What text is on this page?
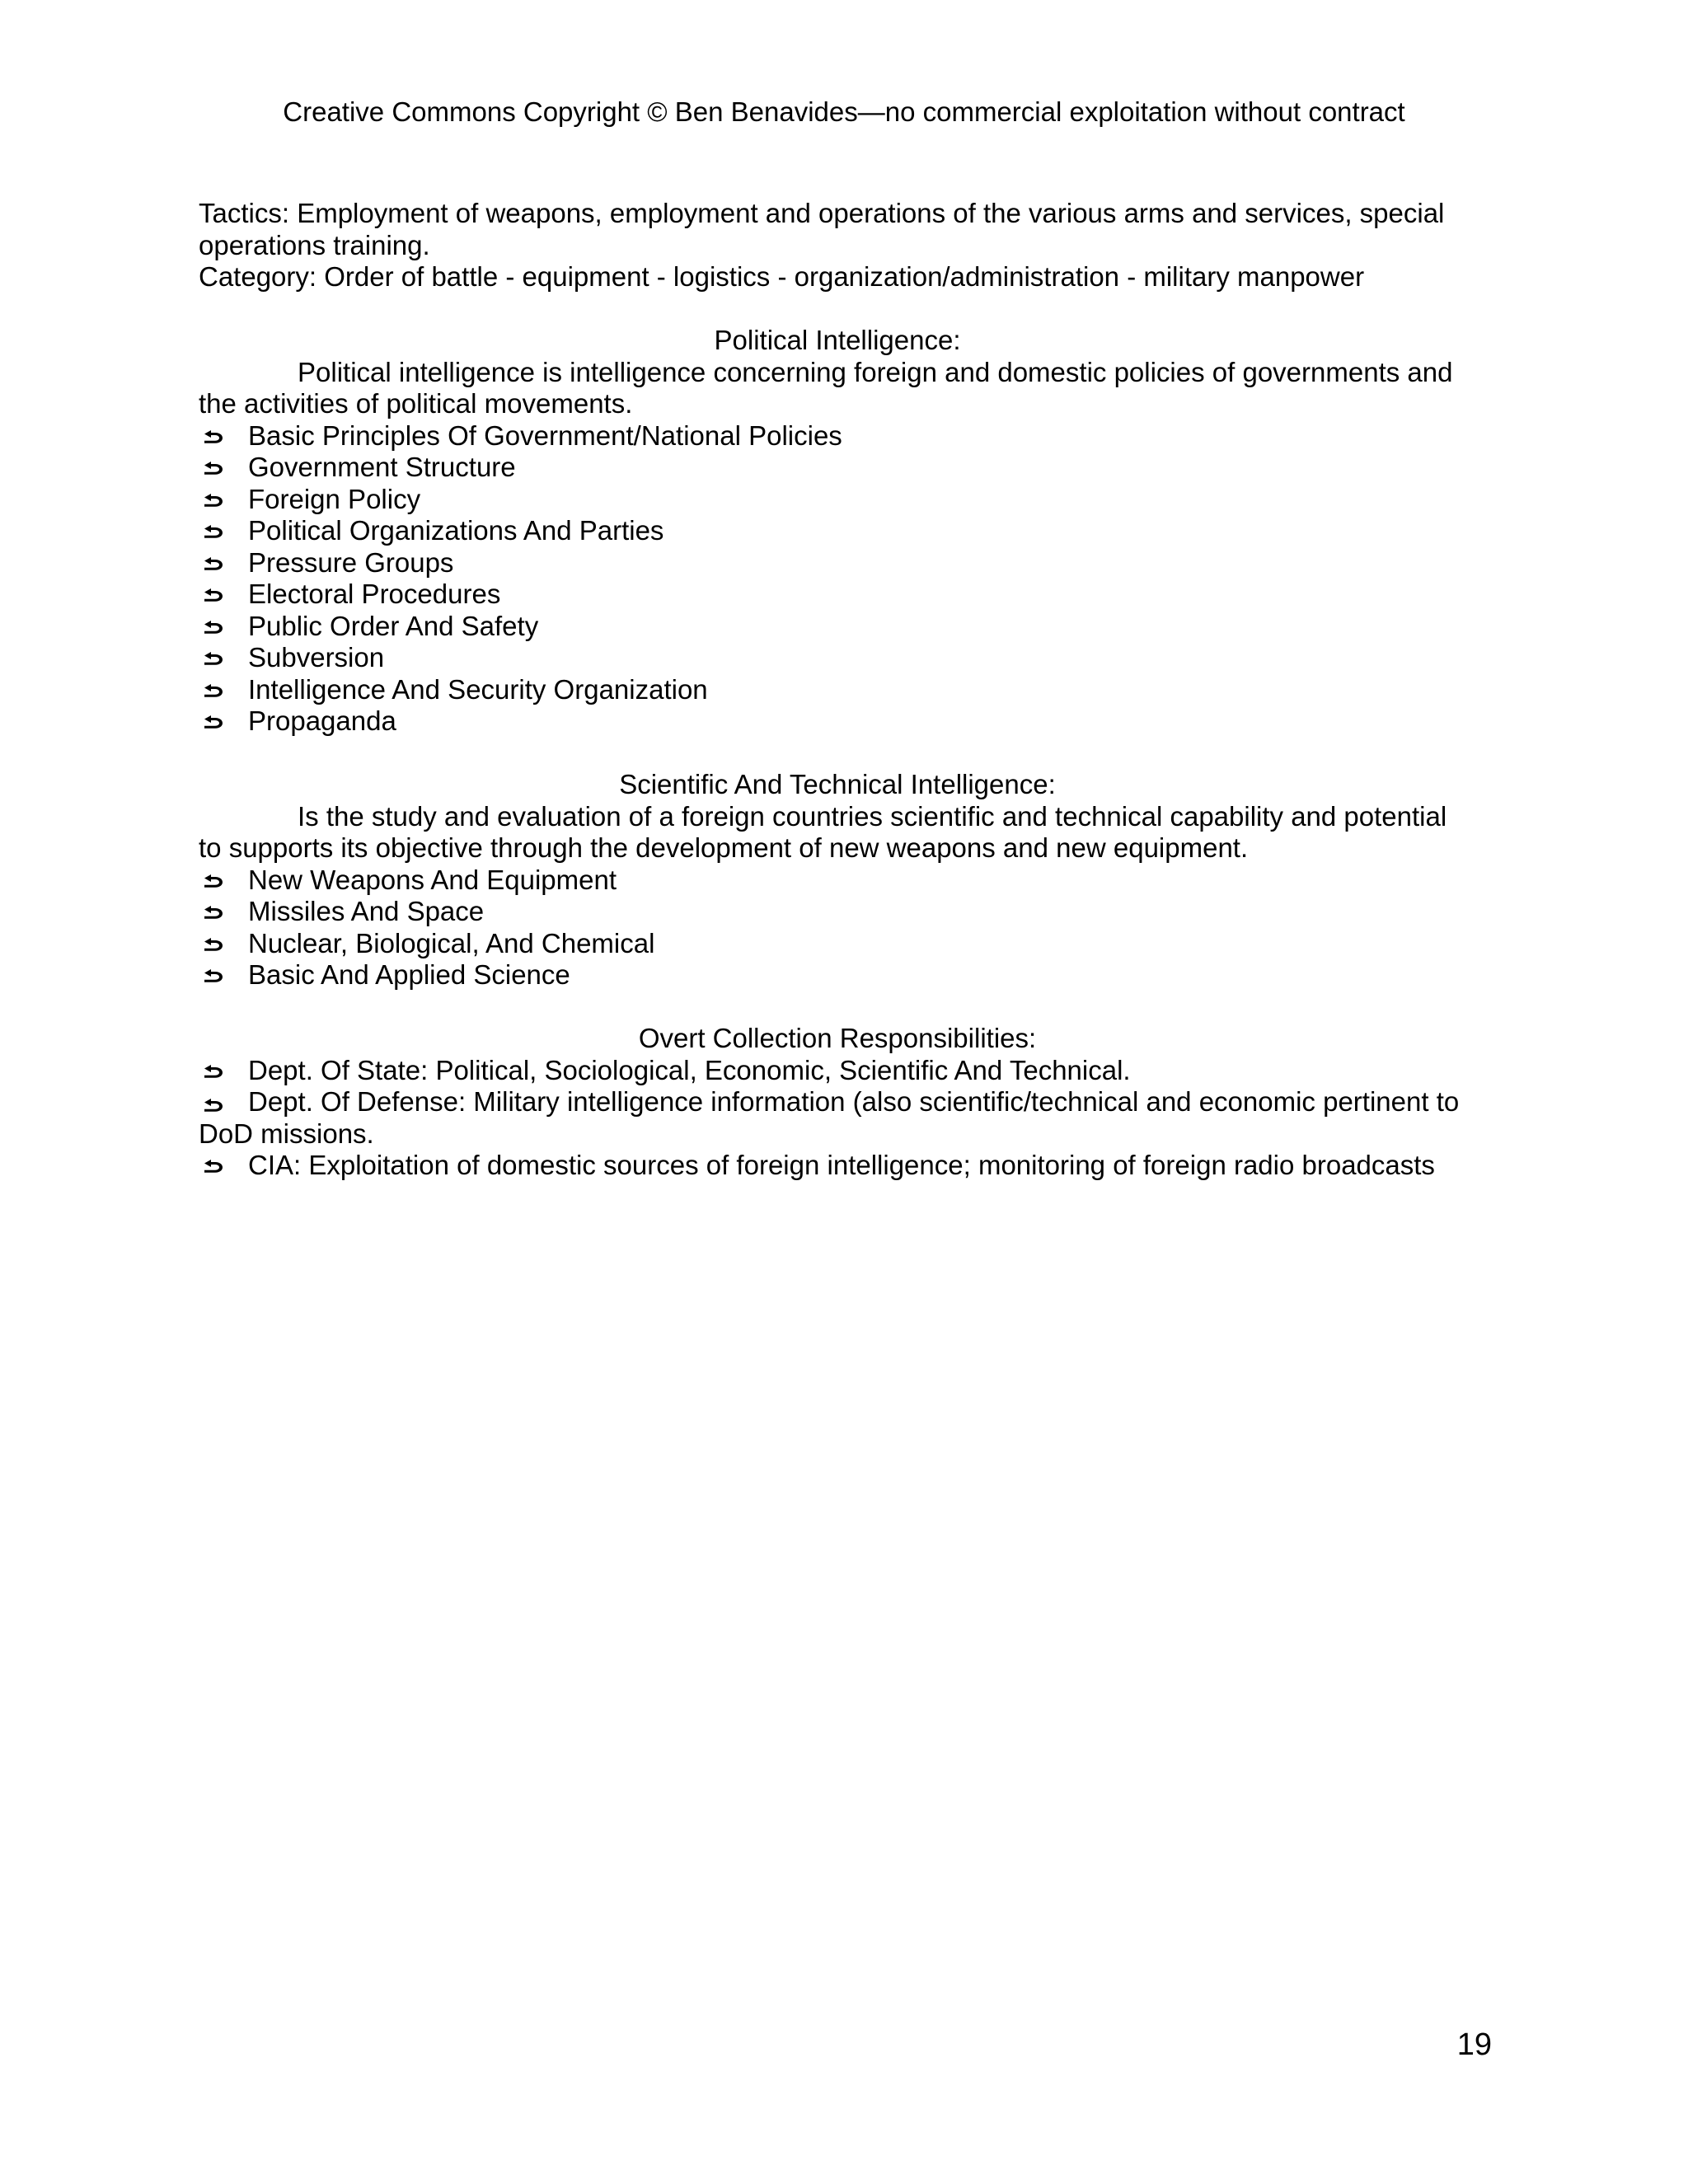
Creative Commons Copyright © Ben Benavides—no commercial exploitation without contract

Tactics: Employment of weapons, employment and operations of the various arms and services, special operations training.

Category: Order of battle - equipment - logistics - organization/administration - military manpower

Political Intelligence:

Political intelligence is intelligence concerning foreign and domestic policies of governments and the activities of political movements.

Basic Principles Of Government/National Policies
Government Structure
Foreign Policy
Political Organizations And Parties
Pressure Groups
Electoral Procedures
Public Order And Safety
Subversion
Intelligence And Security Organization
Propaganda

Scientific And Technical Intelligence:

Is the study and evaluation of a foreign countries scientific and technical capability and potential to supports its objective through the development of new weapons and new equipment.

New Weapons And Equipment
Missiles And Space
Nuclear, Biological, And Chemical
Basic And Applied Science

Overt Collection Responsibilities:

Dept. Of State: Political, Sociological, Economic, Scientific And Technical.
Dept. Of Defense: Military intelligence information (also scientific/technical and economic pertinent to DoD missions.
CIA: Exploitation of domestic sources of foreign intelligence; monitoring of foreign radio broadcasts
19
